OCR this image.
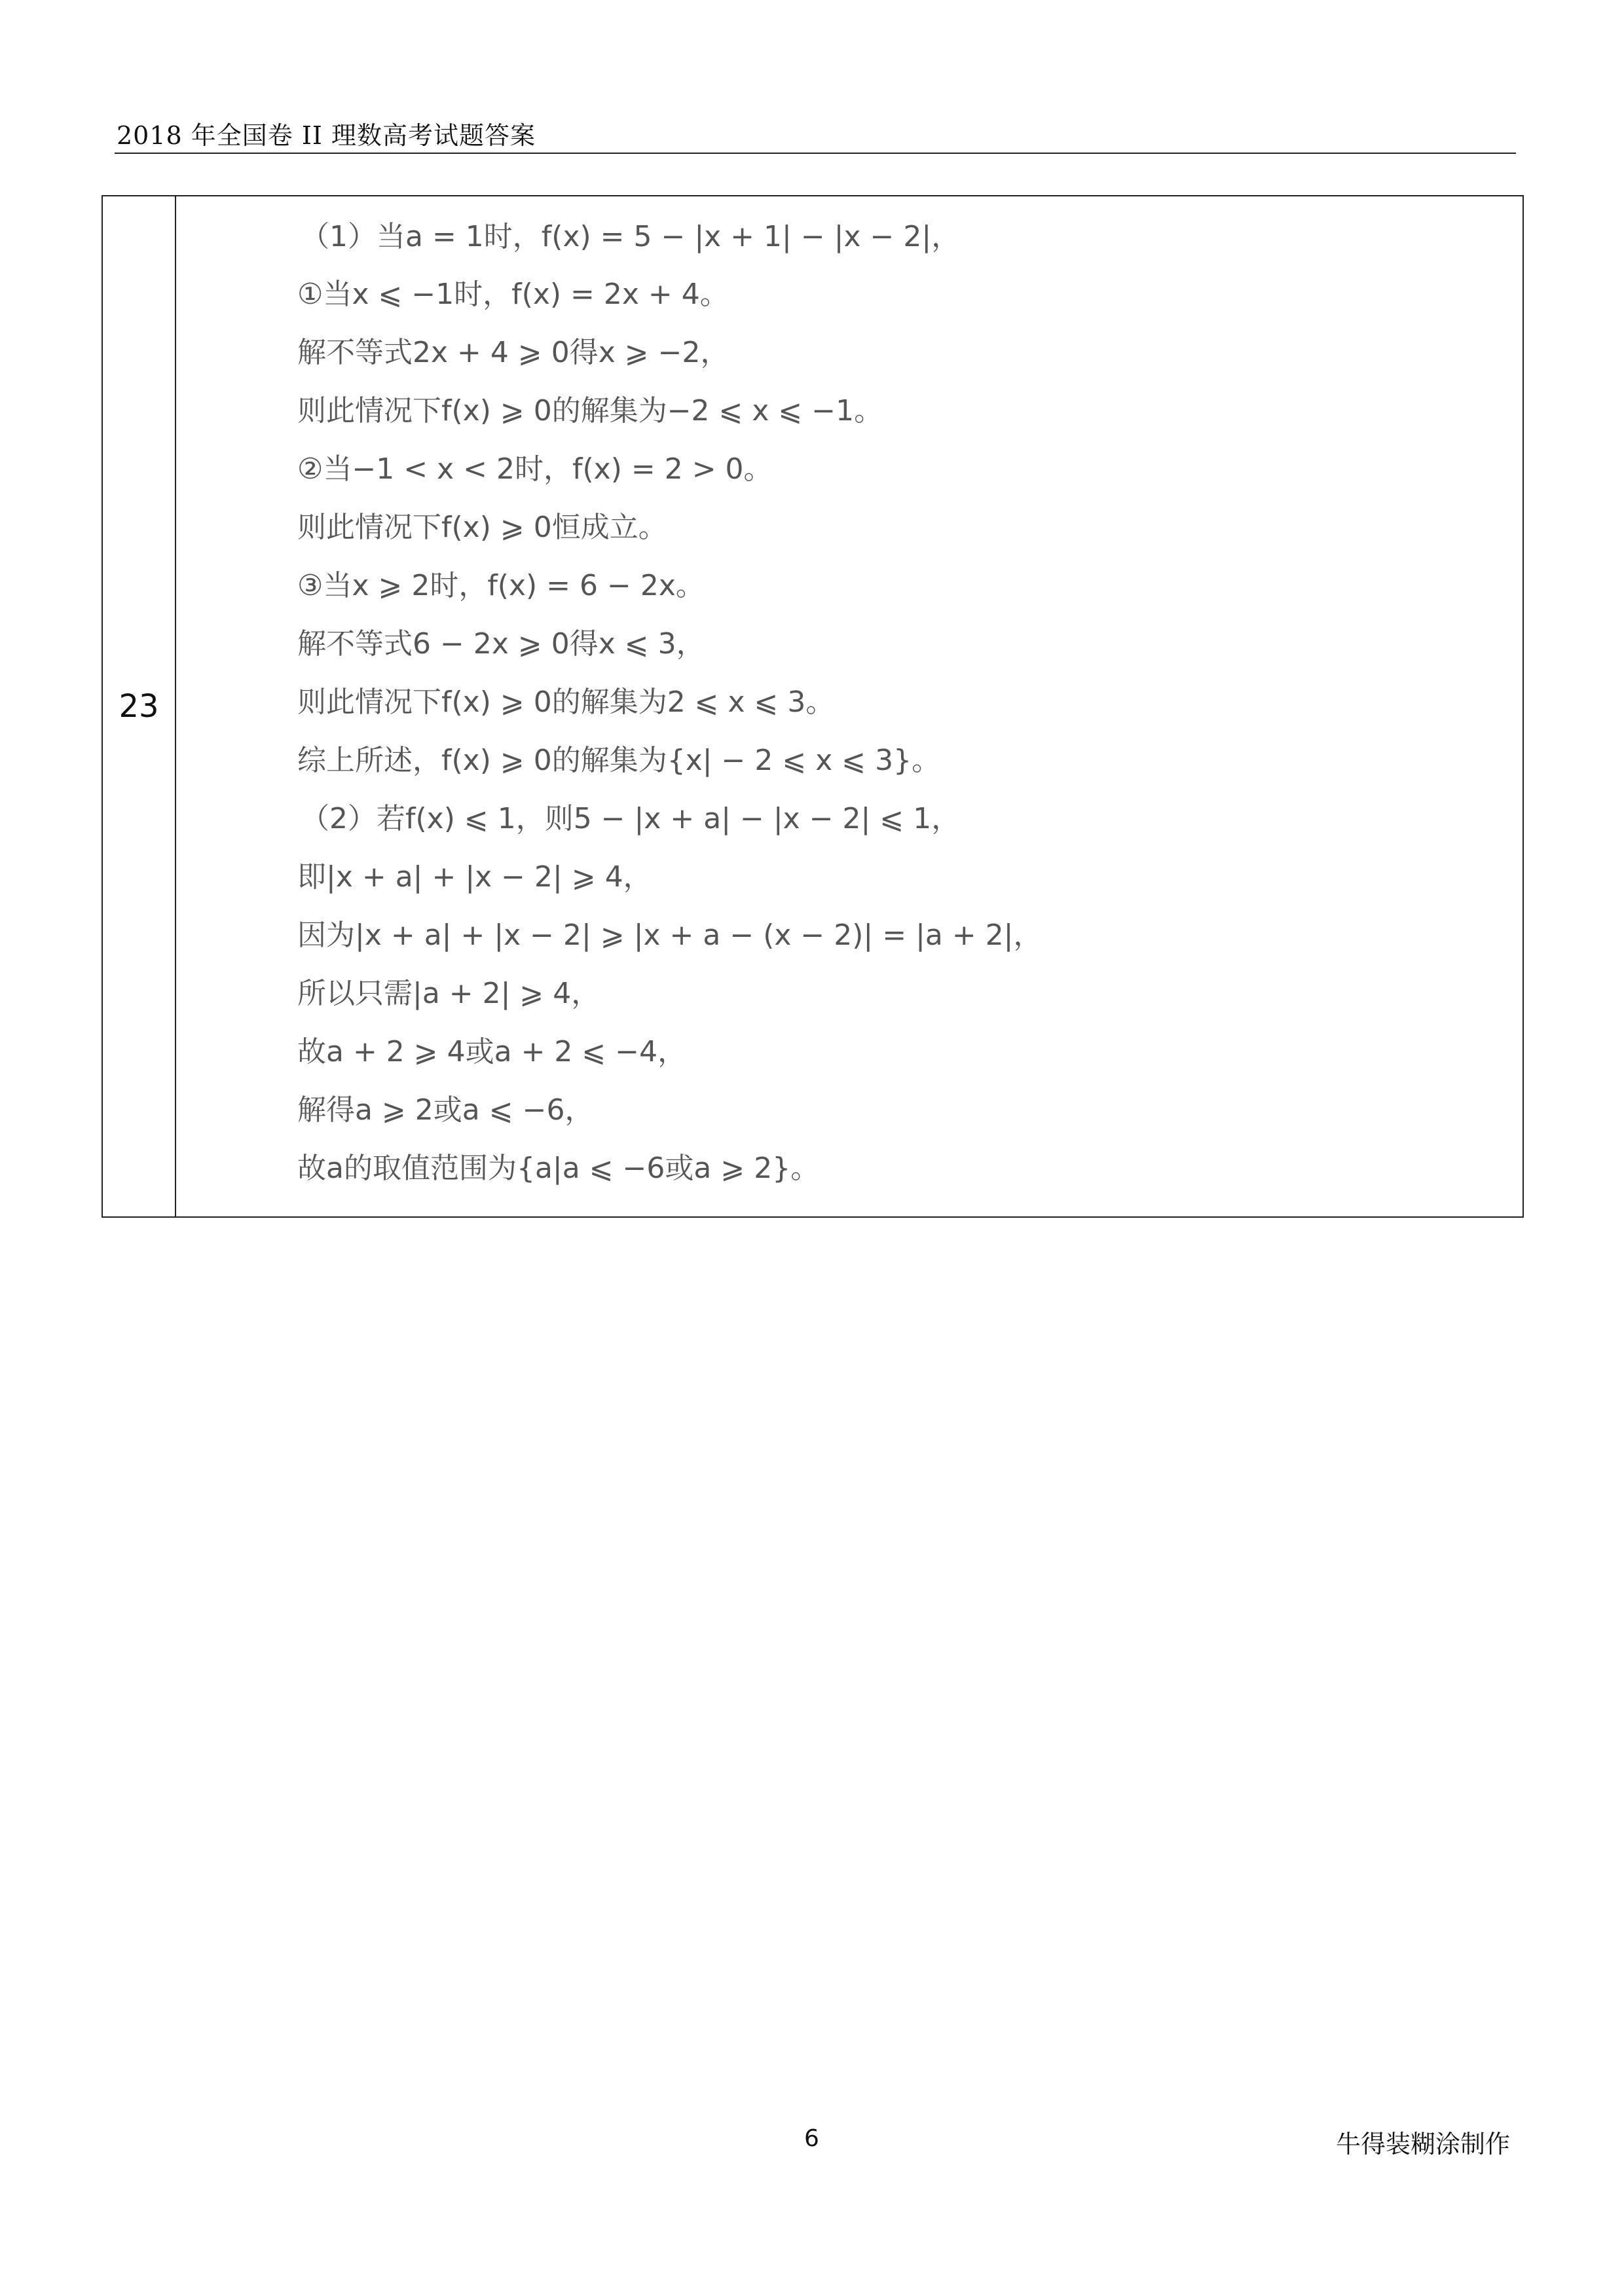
2018 年全国卷 II 理数高考试题答案
23
（1）当a = 1时，f(x) = 5 − |x + 1| − |x − 2|，
①当x ⩽ −1时，f(x) = 2x + 4。
解不等式2x + 4 ⩾ 0得x ⩾ −2，
则此情况下f(x) ⩾ 0的解集为−2 ⩽ x ⩽ −1。
②当−1 < x < 2时，f(x) = 2 > 0。
则此情况下f(x) ⩾ 0恒成立。
③当x ⩾ 2时，f(x) = 6 − 2x。
解不等式6 − 2x ⩾ 0得x ⩽ 3，
则此情况下f(x) ⩾ 0的解集为2 ⩽ x ⩽ 3。
综上所述，f(x) ⩾ 0的解集为{x| − 2 ⩽ x ⩽ 3}。
（2）若f(x) ⩽ 1，则5 − |x + a| − |x − 2| ⩽ 1，
即|x + a| + |x − 2| ⩾ 4，
因为|x + a| + |x − 2| ⩾ |x + a − (x − 2)| = |a + 2|，
所以只需|a + 2| ⩾ 4，
故a + 2 ⩾ 4或a + 2 ⩽ −4，
解得a ⩾ 2或a ⩽ −6，
故a的取值范围为{a|a ⩽ −6或a ⩾ 2}。
6	牛得装糊涂制作
